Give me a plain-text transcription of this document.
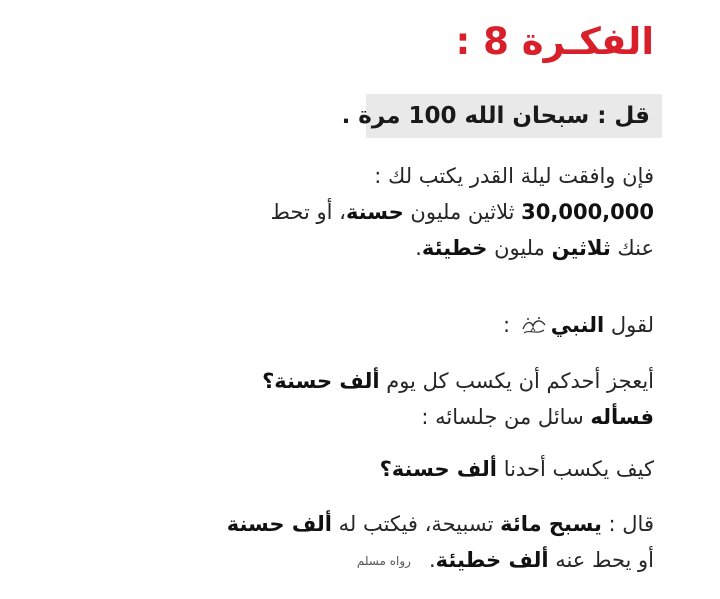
الفكـرة 8 :
قل : سبحان الله 100 مرة .
فإن وافقت ليلة القدر يكتب لك :
30,000,000 ثلاثين مليون حسنة، أو تحط
عنك ثلاثين مليون خطيئة.
لقول النبي :
أيعجز أحدكم أن يكسب كل يوم ألف حسنة؟
فسأله سائل من جلسائه :
كيف يكسب أحدنا ألف حسنة؟
قال : يسبح مائة تسبيحة، فيكتب له ألف حسنة
أو يحط عنه ألف خطيئة.رواه مسلم
